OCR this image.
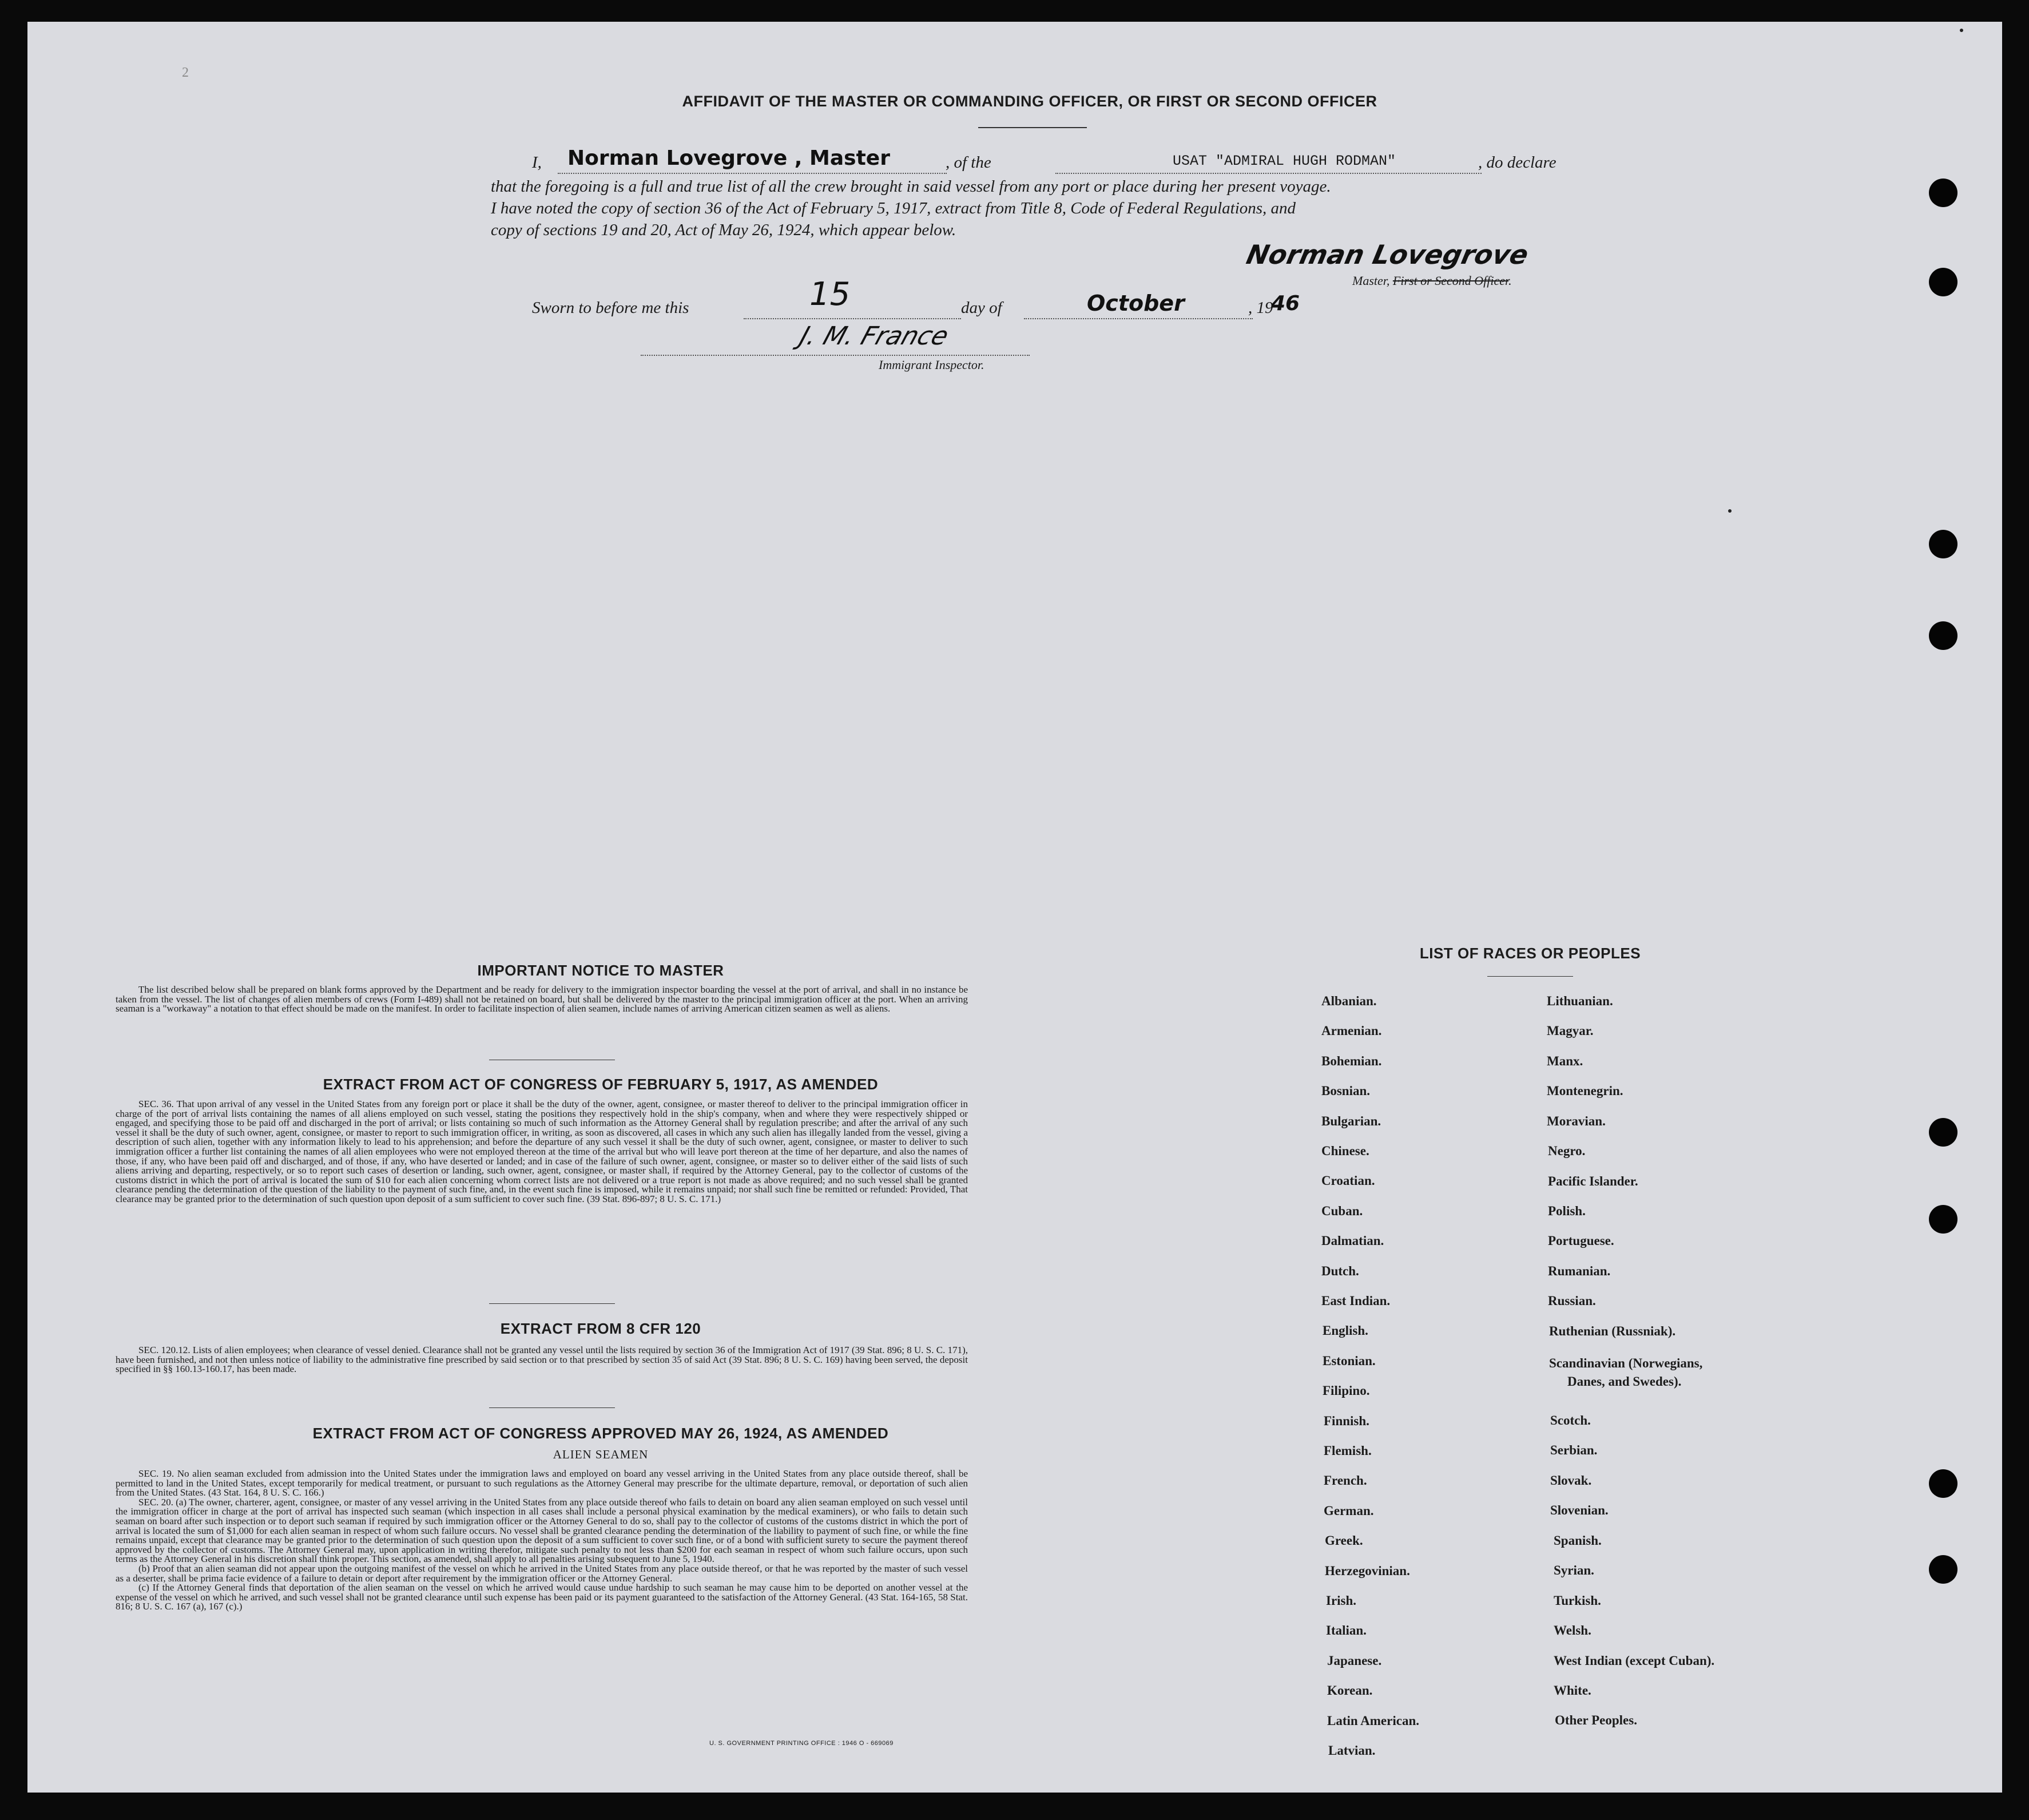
2
AFFIDAVIT OF THE MASTER OR COMMANDING OFFICER, OR FIRST OR SECOND OFFICER
I, Norman Lovegrove , Master	, of the	USAT "ADMIRAL HUGH RODMAN"	, do declare
that the foregoing is a full and true list of all the crew brought in said vessel from any port or place during her present voyage.
I have noted the copy of section 36 of the Act of February 5, 1917, extract from Title 8, Code of Federal Regulations, and
copy of sections 19 and 20, Act of May 26, 1924, which appear below.
Norman Lovegrove
Master, First or Second Officer.
Sworn to before me this	15	day of	October	, 19
46
J. M. France
Immigrant Inspector.
IMPORTANT NOTICE TO MASTER

The list described below shall be prepared on blank forms approved by the Department and be ready for delivery to the immigration inspector boarding the vessel at the port of arrival, and shall in no instance be taken from the vessel. The list of changes of alien members of crews (Form I-489) shall not be retained on board, but shall be delivered by the master to the principal immigration officer at the port. When an arriving seaman is a "workaway" a notation to that effect should be made on the manifest. In order to facilitate inspection of alien seamen, include names of arriving American citizen seamen as well as aliens.

EXTRACT FROM ACT OF CONGRESS OF FEBRUARY 5, 1917, AS AMENDED

SEC. 36. That upon arrival of any vessel in the United States from any foreign port or place it shall be the duty of the owner, agent, consignee, or master thereof to deliver to the principal immigration officer in charge of the port of arrival lists containing the names of all aliens employed on such vessel, stating the positions they respectively hold in the ship's company, when and where they were respectively shipped or engaged, and specifying those to be paid off and discharged in the port of arrival; or lists containing so much of such information as the Attorney General shall by regulation prescribe; and after the arrival of any such vessel it shall be the duty of such owner, agent, consignee, or master to report to such immigration officer, in writing, as soon as discovered, all cases in which any such alien has illegally landed from the vessel, giving a description of such alien, together with any information likely to lead to his apprehension; and before the departure of any such vessel it shall be the duty of such owner, agent, consignee, or master to deliver to such immigration officer a further list containing the names of all alien employees who were not employed thereon at the time of the arrival but who will leave port thereon at the time of her departure, and also the names of those, if any, who have been paid off and discharged, and of those, if any, who have deserted or landed; and in case of the failure of such owner, agent, consignee, or master so to deliver either of the said lists of such aliens arriving and departing, respectively, or so to report such cases of desertion or landing, such owner, agent, consignee, or master shall, if required by the Attorney General, pay to the collector of customs of the customs district in which the port of arrival is located the sum of $10 for each alien concerning whom correct lists are not delivered or a true report is not made as above required; and no such vessel shall be granted clearance pending the determination of the question of the liability to the payment of such fine, and, in the event such fine is imposed, while it remains unpaid; nor shall such fine be remitted or refunded: Provided, That clearance may be granted prior to the determination of such question upon deposit of a sum sufficient to cover such fine. (39 Stat. 896-897; 8 U. S. C. 171.)

EXTRACT FROM 8 CFR 120

SEC. 120.12. Lists of alien employees; when clearance of vessel denied. Clearance shall not be granted any vessel until the lists required by section 36 of the Immigration Act of 1917 (39 Stat. 896; 8 U. S. C. 171), have been furnished, and not then unless notice of liability to the administrative fine prescribed by said section or to that prescribed by section 35 of said Act (39 Stat. 896; 8 U. S. C. 169) having been served, the deposit specified in §§ 160.13-160.17, has been made.

EXTRACT FROM ACT OF CONGRESS APPROVED MAY 26, 1924, AS AMENDED
ALIEN SEAMEN

SEC. 19. No alien seaman excluded from admission into the United States under the immigration laws and employed on board any vessel arriving in the United States from any place outside thereof, shall be permitted to land in the United States, except temporarily for medical treatment, or pursuant to such regulations as the Attorney General may prescribe for the ultimate departure, removal, or deportation of such alien from the United States. (43 Stat. 164, 8 U. S. C. 166.)

SEC. 20. (a) The owner, charterer, agent, consignee, or master of any vessel arriving in the United States from any place outside thereof who fails to detain on board any alien seaman employed on such vessel until the immigration officer in charge at the port of arrival has inspected such seaman (which inspection in all cases shall include a personal physical examination by the medical examiners), or who fails to detain such seaman on board after such inspection or to deport such seaman if required by such immigration officer or the Attorney General to do so, shall pay to the collector of customs of the customs district in which the port of arrival is located the sum of $1,000 for each alien seaman in respect of whom such failure occurs. No vessel shall be granted clearance pending the determination of the liability to payment of such fine, or while the fine remains unpaid, except that clearance may be granted prior to the determination of such question upon the deposit of a sum sufficient to cover such fine, or of a bond with sufficient surety to secure the payment thereof approved by the collector of customs. The Attorney General may, upon application in writing therefor, mitigate such penalty to not less than $200 for each seaman in respect of whom such failure occurs, upon such terms as the Attorney General in his discretion shall think proper. This section, as amended, shall apply to all penalties arising subsequent to June 5, 1940.

(b) Proof that an alien seaman did not appear upon the outgoing manifest of the vessel on which he arrived in the United States from any place outside thereof, or that he was reported by the master of such vessel as a deserter, shall be prima facie evidence of a failure to detain or deport after requirement by the immigration officer or the Attorney General.

(c) If the Attorney General finds that deportation of the alien seaman on the vessel on which he arrived would cause undue hardship to such seaman he may cause him to be deported on another vessel at the expense of the vessel on which he arrived, and such vessel shall not be granted clearance until such expense has been paid or its payment guaranteed to the satisfaction of the Attorney General. (43 Stat. 164-165, 58 Stat. 816; 8 U. S. C. 167 (a), 167 (c).)

U. S. GOVERNMENT PRINTING OFFICE : 1946 O - 669069
LIST OF RACES OR PEOPLES
Albanian.
Armenian.
Bohemian.
Bosnian.
Bulgarian.
Chinese.
Croatian.
Cuban.
Dalmatian.
Dutch.
East Indian.
English.
Estonian.
Filipino.
Finnish.
Flemish.
French.
German.
Greek.
Herzegovinian.
Irish.
Italian.
Japanese.
Korean.
Latin American.
Latvian.
Lithuanian.
Magyar.
Manx.
Montenegrin.
Moravian.
Negro.
Pacific Islander.
Polish.
Portuguese.
Rumanian.
Russian.
Ruthenian (Russniak).
Scandinavian (Norwegians,
Danes, and Swedes).
Scotch.
Serbian.
Slovak.
Slovenian.
Spanish.
Syrian.
Turkish.
Welsh.
West Indian (except Cuban).
White.
Other Peoples.
